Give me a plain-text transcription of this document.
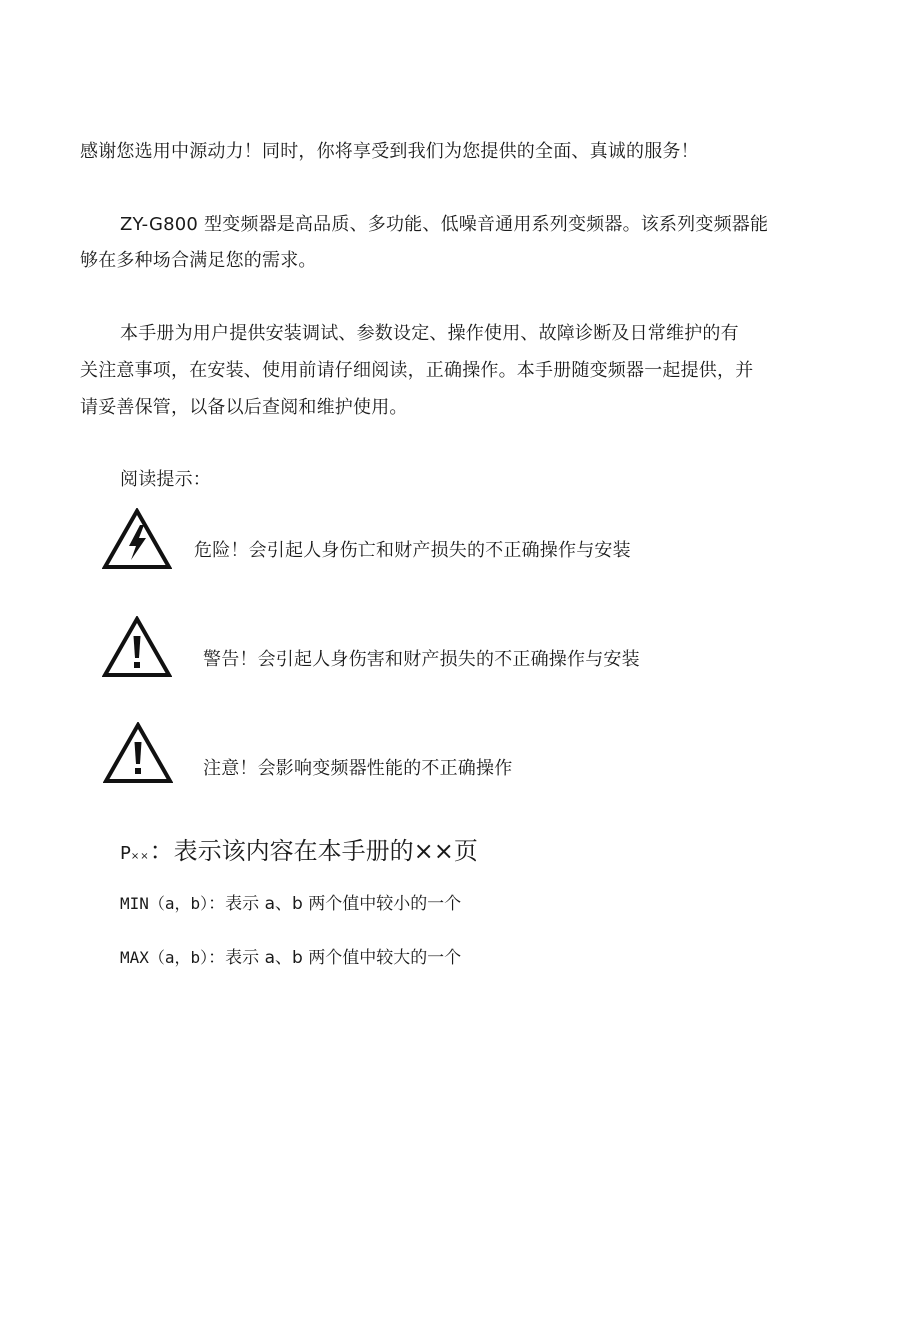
感谢您选用中源动力！同时，你将享受到我们为您提供的全面、真诚的服务！
ZY-G800 型变频器是高品质、多功能、低噪音通用系列变频器。该系列变频器能
够在多种场合满足您的需求。
本手册为用户提供安装调试、参数设定、操作使用、故障诊断及日常维护的有
关注意事项，在安装、使用前请仔细阅读，正确操作。本手册随变频器一起提供，并
请妥善保管，以备以后查阅和维护使用。
阅读提示：
危险！会引起人身伤亡和财产损失的不正确操作与安装
警告！会引起人身伤害和财产损失的不正确操作与安装
注意！会影响变频器性能的不正确操作
P××：表示该内容在本手册的××页
MIN（a，b）：表示 a、b 两个值中较小的一个
MAX（a，b）：表示 a、b 两个值中较大的一个
